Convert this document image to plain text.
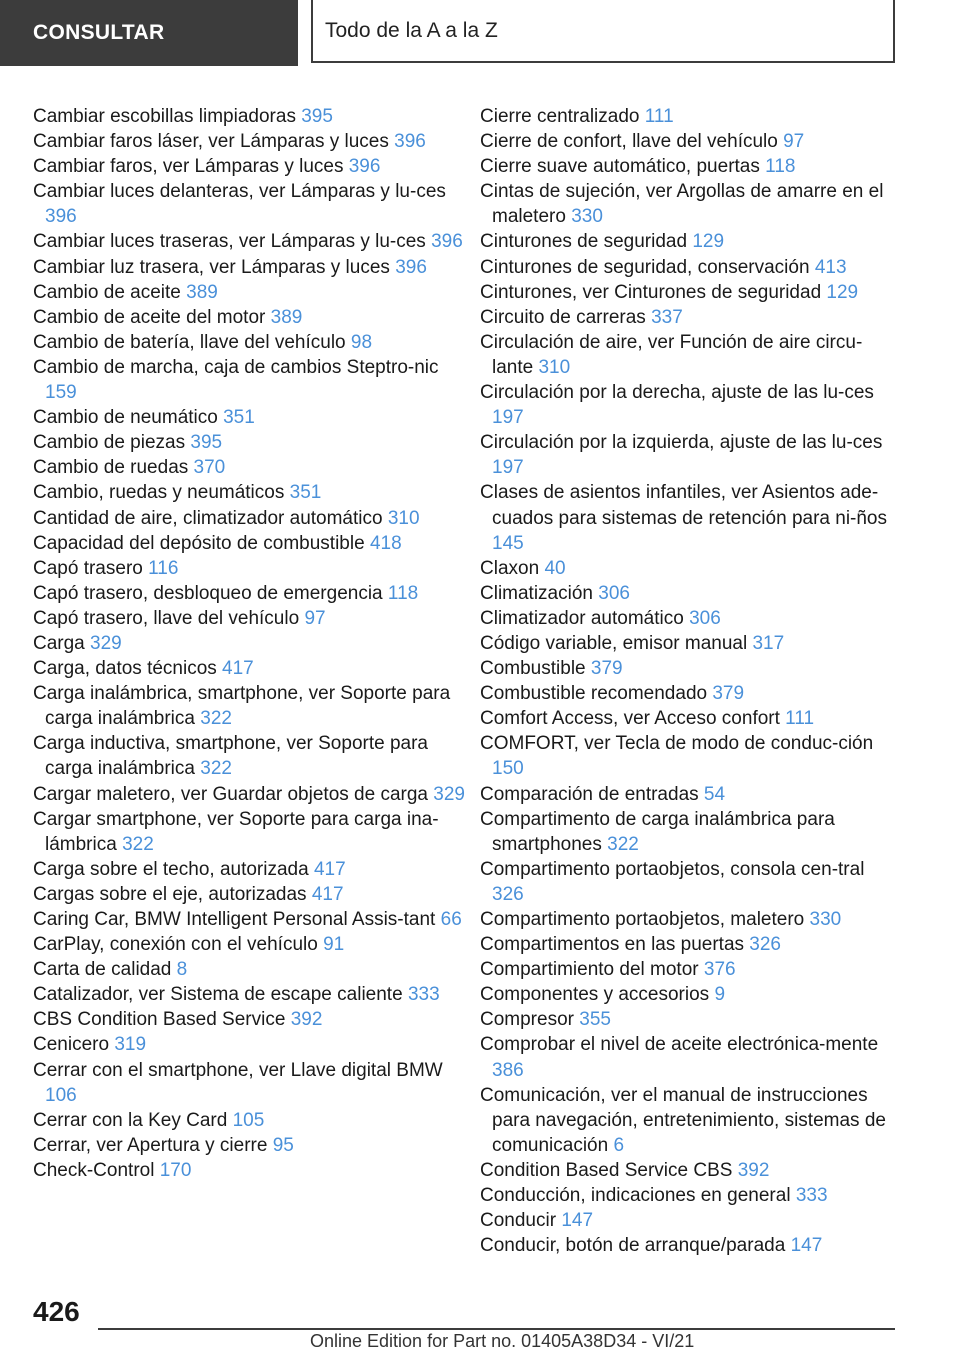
CONSULTAR	Todo de la A a la Z
Cambiar escobillas limpiadoras 395
Cambiar faros láser, ver Lámparas y luces 396
Cambiar faros, ver Lámparas y luces 396
Cambiar luces delanteras, ver Lámparas y lu‐​ces 396
Cambiar luces traseras, ver Lámparas y lu‐​ces 396
Cambiar luz trasera, ver Lámparas y luces 396
Cambio de aceite 389
Cambio de aceite del motor 389
Cambio de batería, llave del vehículo 98
Cambio de marcha, caja de cambios Steptro‐​nic 159
Cambio de neumático 351
Cambio de piezas 395
Cambio de ruedas 370
Cambio, ruedas y neumáticos 351
Cantidad de aire, climatizador automático 310
Capacidad del depósito de combustible 418
Capó trasero 116
Capó trasero, desbloqueo de emergencia 118
Capó trasero, llave del vehículo 97
Carga 329
Carga, datos técnicos 417
Carga inalámbrica, smartphone, ver Soporte para carga inalámbrica 322
Carga inductiva, smartphone, ver Soporte para carga inalámbrica 322
Cargar maletero, ver Guardar objetos de carga 329
Cargar smartphone, ver Soporte para carga ina‐​lámbrica 322
Carga sobre el techo, autorizada 417
Cargas sobre el eje, autorizadas 417
Caring Car, BMW Intelligent Personal Assis‐​tant 66
CarPlay, conexión con el vehículo 91
Carta de calidad 8
Catalizador, ver Sistema de escape caliente 333
CBS Condition Based Service 392
Cenicero 319
Cerrar con el smartphone, ver Llave digital BMW 106
Cerrar con la Key Card 105
Cerrar, ver Apertura y cierre 95
Check-Control 170
Cierre centralizado 111
Cierre de confort, llave del vehículo 97
Cierre suave automático, puertas 118
Cintas de sujeción, ver Argollas de amarre en el maletero 330
Cinturones de seguridad 129
Cinturones de seguridad, conservación 413
Cinturones, ver Cinturones de seguridad 129
Circuito de carreras 337
Circulación de aire, ver Función de aire circu‐​lante 310
Circulación por la derecha, ajuste de las lu‐​ces 197
Circulación por la izquierda, ajuste de las lu‐​ces 197
Clases de asientos infantiles, ver Asientos ade‐​cuados para sistemas de retención para ni‐​ños 145
Claxon 40
Climatización 306
Climatizador automático 306
Código variable, emisor manual 317
Combustible 379
Combustible recomendado 379
Comfort Access, ver Acceso confort 111
COMFORT, ver Tecla de modo de conduc‐​ción 150
Comparación de entradas 54
Compartimento de carga inalámbrica para smartphones 322
Compartimento portaobjetos, consola cen‐​tral 326
Compartimento portaobjetos, maletero 330
Compartimentos en las puertas 326
Compartimiento del motor 376
Componentes y accesorios 9
Compresor 355
Comprobar el nivel de aceite electrónica‐​mente 386
Comunicación, ver el manual de instrucciones para navegación, entretenimiento, sistemas de comunicación 6
Condition Based Service CBS 392
Conducción, indicaciones en general 333
Conducir 147
Conducir, botón de arranque/parada 147
426
Online Edition for Part no. 01405A38D34 - VI/21
